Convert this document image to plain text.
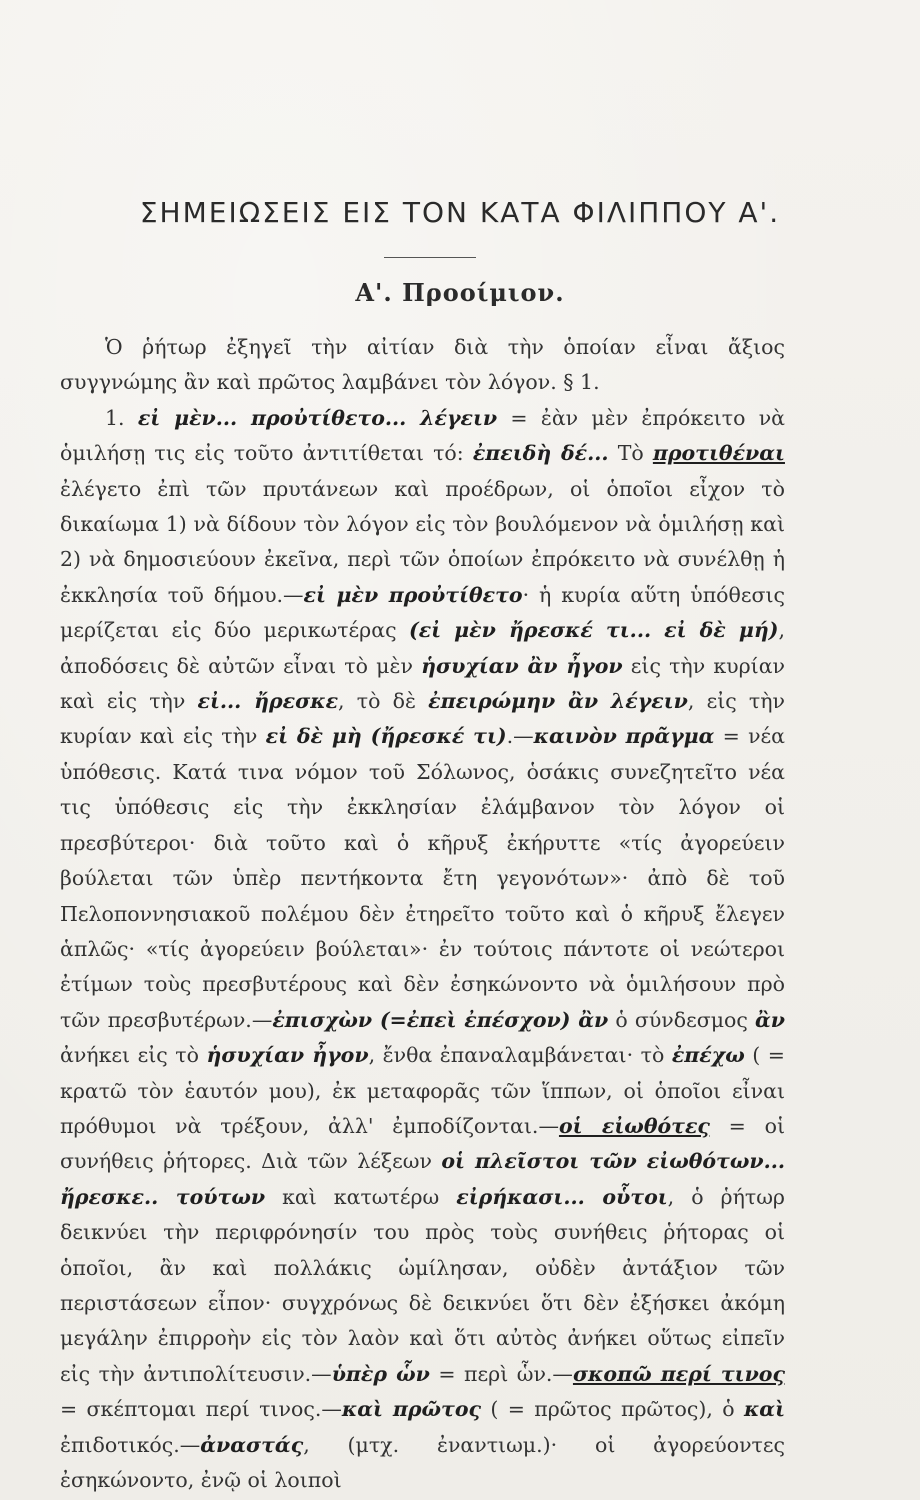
ΣΗΜΕΙΩΣΕΙΣ ΕΙΣ ΤΟΝ ΚΑΤΑ ΦΙΛΙΠΠΟΥ Α'.
Α'. Προοίμιον.

Ὁ ῥήτωρ ἐξηγεῖ τὴν αἰτίαν διὰ τὴν ὁποίαν εἶναι ἄξιος συγγνώμης ἂν καὶ πρῶτος λαμβάνει τὸν λόγον. § 1.

1. εἰ μὲν... προὐτίθετο... λέγειν = ἐὰν μὲν ἐπρόκειτο νὰ ὁμιλήσῃ τις εἰς τοῦτο ἀντιτίθεται τό: ἐπειδὴ δέ... Τὸ προτιθέναι ἐλέγετο ἐπὶ τῶν πρυτάνεων καὶ προέδρων, οἱ ὁποῖοι εἶχον τὸ δικαίωμα 1) νὰ δίδουν τὸν λόγον εἰς τὸν βουλόμενον νὰ ὁμιλήσῃ καὶ 2) νὰ δημοσιεύουν ἐκεῖνα, περὶ τῶν ὁποίων ἐπρόκειτο νὰ συνέλθῃ ἡ ἐκκλησία τοῦ δήμου.—εἰ μὲν προὐτίθετο· ἡ κυρία αὕτη ὑπόθεσις μερίζεται εἰς δύο μερικωτέρας (εἰ μὲν ἤρεσκέ τι... εἰ δὲ μή), ἀποδόσεις δὲ αὐτῶν εἶναι τὸ μὲν ἡσυχίαν ἂν ἦγον εἰς τὴν κυρίαν καὶ εἰς τὴν εἰ... ἤρεσκε, τὸ δὲ ἐπειρώμην ἂν λέγειν, εἰς τὴν κυρίαν καὶ εἰς τὴν εἰ δὲ μὴ (ἤρεσκέ τι).—καινὸν πρᾶγμα = νέα ὑπόθεσις. Κατά τινα νόμον τοῦ Σόλωνος, ὁσάκις συνεζητεῖτο νέα τις ὑπόθεσις εἰς τὴν ἐκκλησίαν ἐλάμβανον τὸν λόγον οἱ πρεσβύτεροι· διὰ τοῦτο καὶ ὁ κῆρυξ ἐκήρυττε «τίς ἀγορεύειν βούλεται τῶν ὑπὲρ πεντήκοντα ἔτη γεγονότων»· ἀπὸ δὲ τοῦ Πελοποννησιακοῦ πολέμου δὲν ἐτηρεῖτο τοῦτο καὶ ὁ κῆρυξ ἔλεγεν ἁπλῶς· «τίς ἀγορεύειν βούλεται»· ἐν τούτοις πάντοτε οἱ νεώτεροι ἐτίμων τοὺς πρεσβυτέρους καὶ δὲν ἐσηκώνοντο νὰ ὁμιλήσουν πρὸ τῶν πρεσβυτέρων.—ἐπισχὼν (=ἐπεὶ ἐπέσχον) ἂν ὁ σύνδεσμος ἂν ἀνήκει εἰς τὸ ἡσυχίαν ἦγον, ἔνθα ἐπαναλαμβάνεται· τὸ ἐπέχω ( = κρατῶ τὸν ἑαυτόν μου), ἐκ μεταφορᾶς τῶν ἵππων, οἱ ὁποῖοι εἶναι πρόθυμοι νὰ τρέξουν, ἀλλ' ἐμποδίζονται.—οἱ εἰωθότες = οἱ συνήθεις ῥήτορες. Διὰ τῶν λέξεων οἱ πλεῖστοι τῶν εἰωθότων... ἤρεσκε.. τούτων καὶ κατωτέρω εἰρήκασι... οὗτοι, ὁ ῥήτωρ δεικνύει τὴν περιφρόνησίν του πρὸς τοὺς συνήθεις ῥήτορας οἱ ὁποῖοι, ἂν καὶ πολλάκις ὡμίλησαν, οὐδὲν ἀντάξιον τῶν περιστάσεων εἶπον· συγχρόνως δὲ δεικνύει ὅτι δὲν ἐξήσκει ἀκόμη μεγάλην ἐπιρροὴν εἰς τὸν λαὸν καὶ ὅτι αὐτὸς ἀνήκει οὕτως εἰπεῖν εἰς τὴν ἀντιπολίτευσιν.—ὑπὲρ ὧν = περὶ ὧν.—σκοπῶ περί τινος = σκέπτομαι περί τινος.—καὶ πρῶτος ( = πρῶτος πρῶτος), ὁ καὶ ἐπιδοτικός.—ἀναστάς, (μτχ. ἐναντιωμ.)· οἱ ἀγορεύοντες ἐσηκώνοντο, ἐνῷ οἱ λοιποὶ
